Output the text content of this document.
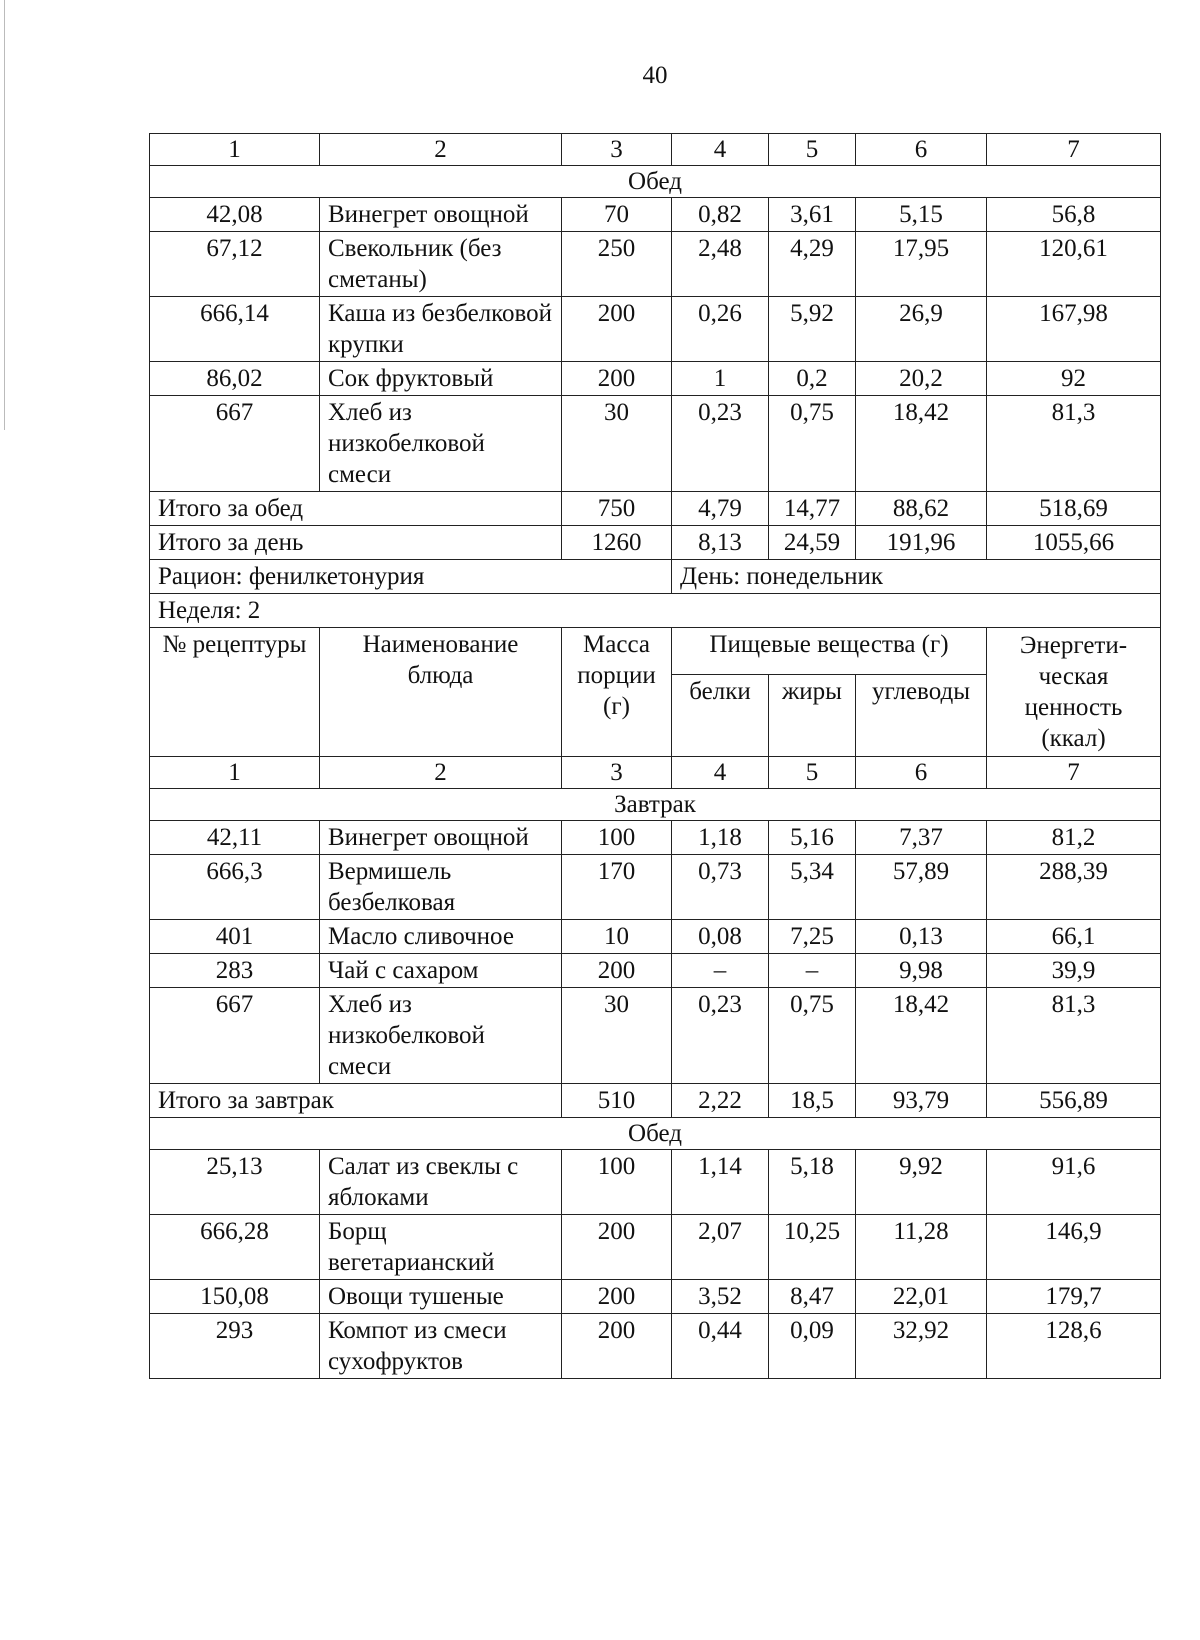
40
1	2	3	4	5	6	7
Обед						
42,08	Винегрет овощной	70	0,82	3,61	5,15	56,8
67,12	Свекольник (без сметаны)	250	2,48	4,29	17,95	120,61
666,14	Каша из безбелковой крупки	200	0,26	5,92	26,9	167,98
86,02	Сок фруктовый	200	1	0,2	20,2	92
667	Хлеб из низкобелковой смеси	30	0,23	0,75	18,42	81,3
Итого за обед		750	4,79	14,77	88,62	518,69
Итого за день		1260	8,13	24,59	191,96	1055,66
Рацион: фенилкетонурия			День: понедельник			
Неделя: 2						
№ рецептуры	Наименование блюда	Масса порции (г)	Пищевые вещества (г)			Энергети-ческая ценность (ккал)
			белки	жиры	углеводы	
1	2	3	4	5	6	7
Завтрак						
42,11	Винегрет овощной	100	1,18	5,16	7,37	81,2
666,3	Вермишель безбелковая	170	0,73	5,34	57,89	288,39
401	Масло сливочное	10	0,08	7,25	0,13	66,1
283	Чай с сахаром	200	–	–	9,98	39,9
667	Хлеб из низкобелковой смеси	30	0,23	0,75	18,42	81,3
Итого за завтрак		510	2,22	18,5	93,79	556,89
Обед						
25,13	Салат из свеклы с яблоками	100	1,14	5,18	9,92	91,6
666,28	Борщ вегетарианский	200	2,07	10,25	11,28	146,9
150,08	Овощи тушеные	200	3,52	8,47	22,01	179,7
293	Компот из смеси сухофруктов	200	0,44	0,09	32,92	128,6
